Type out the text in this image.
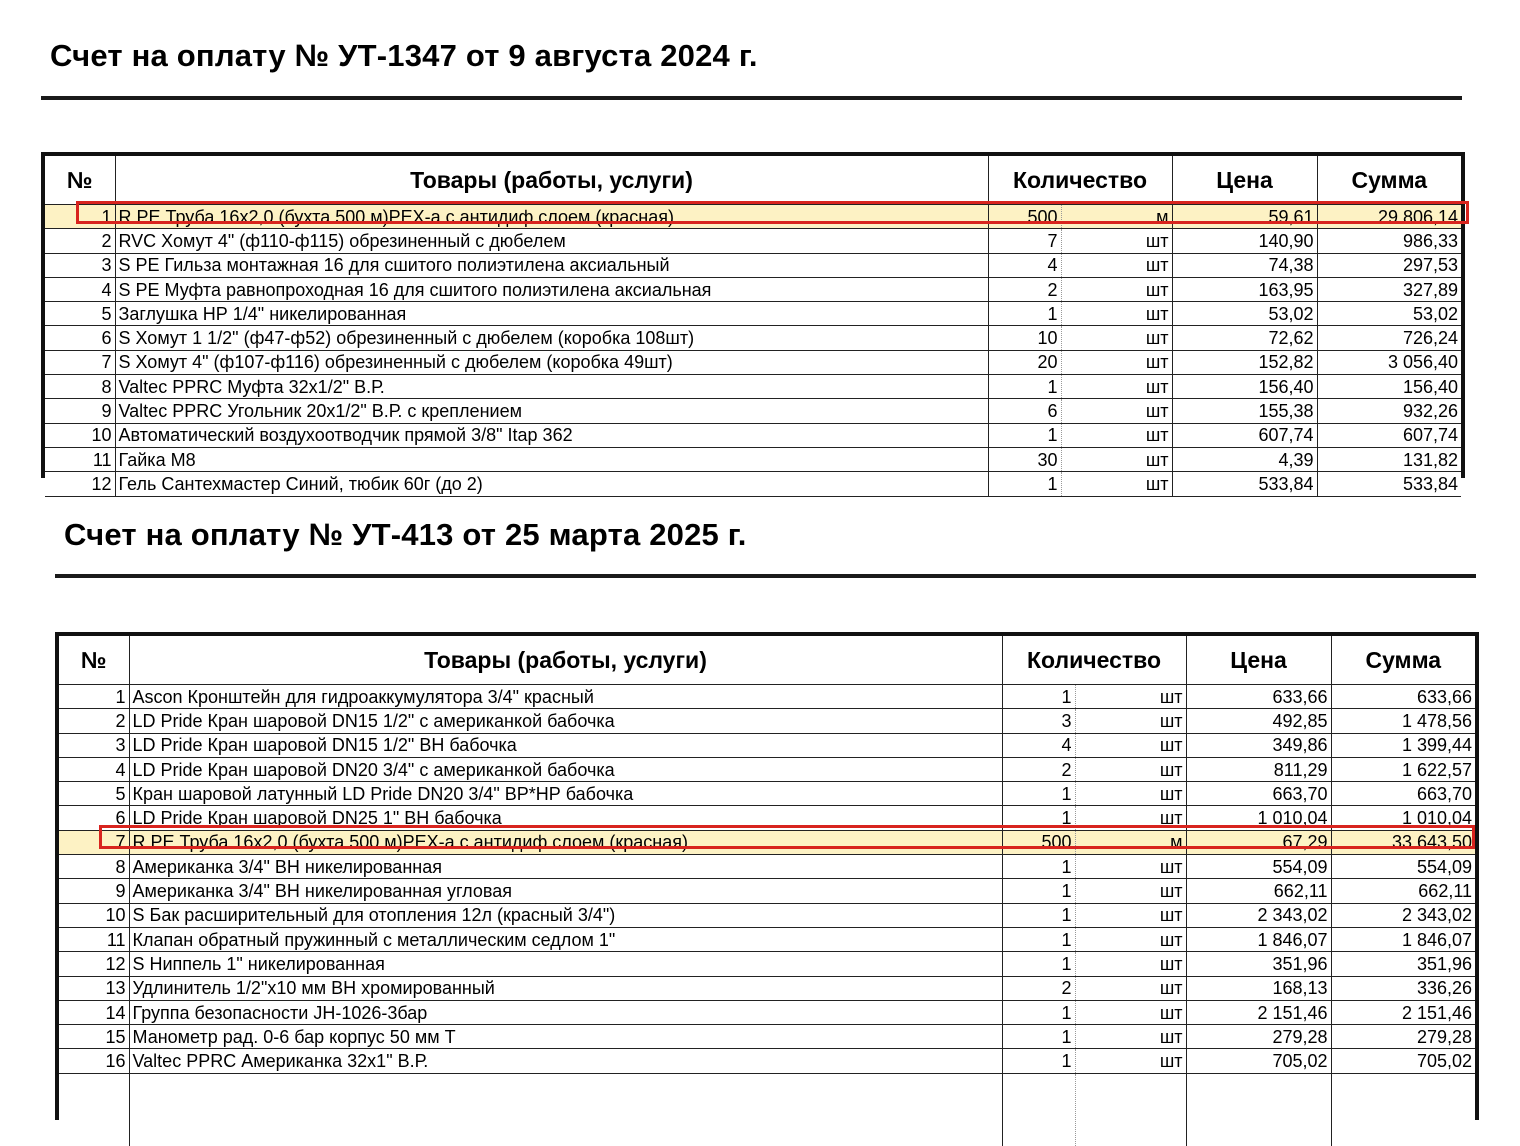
Счет на оплату № УТ-1347 от 9 августа 2024 г.
№	Товары (работы, услуги)	Количество		Цена	Сумма
1	R PE Труба 16х2,0 (бухта 500 м)PEX-a с антидиф слоем (красная)	500	м	59,61	29 806,14
2	RVC Хомут 4" (ф110-ф115) обрезиненный с дюбелем	7	шт	140,90	986,33
3	S PE Гильза монтажная 16 для сшитого полиэтилена аксиальный	4	шт	74,38	297,53
4	S PE Муфта равнопроходная 16 для сшитого полиэтилена аксиальная	2	шт	163,95	327,89
5	Заглушка НР 1/4" никелированная	1	шт	53,02	53,02
6	S Хомут 1 1/2" (ф47-ф52) обрезиненный с дюбелем (коробка 108шт)	10	шт	72,62	726,24
7	S Хомут 4" (ф107-ф116) обрезиненный с дюбелем (коробка 49шт)	20	шт	152,82	3 056,40
8	Valtec PPRC Муфта 32х1/2" В.Р.	1	шт	156,40	156,40
9	Valtec PPRC Угольник 20х1/2" В.Р. с креплением	6	шт	155,38	932,26
10	Автоматический воздухоотводчик прямой 3/8" Itap 362	1	шт	607,74	607,74
11	Гайка М8	30	шт	4,39	131,82
12	Гель Сантехмастер Синий, тюбик 60г (до 2)	1	шт	533,84	533,84
Счет на оплату № УТ-413 от 25 марта 2025 г.
№	Товары (работы, услуги)	Количество		Цена	Сумма
1	Ascon Кронштейн для гидроаккумулятора 3/4" красный	1	шт	633,66	633,66
2	LD Pride Кран шаровой DN15 1/2" с американкой бабочка	3	шт	492,85	1 478,56
3	LD Pride Кран шаровой DN15 1/2" ВН бабочка	4	шт	349,86	1 399,44
4	LD Pride Кран шаровой DN20 3/4" с американкой бабочка	2	шт	811,29	1 622,57
5	Кран шаровой латунный LD Pride DN20 3/4" ВР*НР бабочка	1	шт	663,70	663,70
6	LD Pride Кран шаровой DN25 1" ВН бабочка	1	шт	1 010,04	1 010,04
7	R PE Труба 16х2,0 (бухта 500 м)PEX-a с антидиф слоем (красная)	500	м	67,29	33 643,50
8	Американка 3/4" ВН никелированная	1	шт	554,09	554,09
9	Американка 3/4" ВН никелированная угловая	1	шт	662,11	662,11
10	S Бак расширительный для отопления 12л (красный 3/4")	1	шт	2 343,02	2 343,02
11	Клапан обратный пружинный с металлическим седлом 1"	1	шт	1 846,07	1 846,07
12	S Ниппель 1" никелированная	1	шт	351,96	351,96
13	Удлинитель 1/2"х10 мм ВН хромированный	2	шт	168,13	336,26
14	Группа безопасности JH-1026-3бар	1	шт	2 151,46	2 151,46
15	Манометр рад. 0-6 бар корпус 50 мм Т	1	шт	279,28	279,28
16	Valtec PPRC Американка 32х1" В.Р.	1	шт	705,02	705,02
